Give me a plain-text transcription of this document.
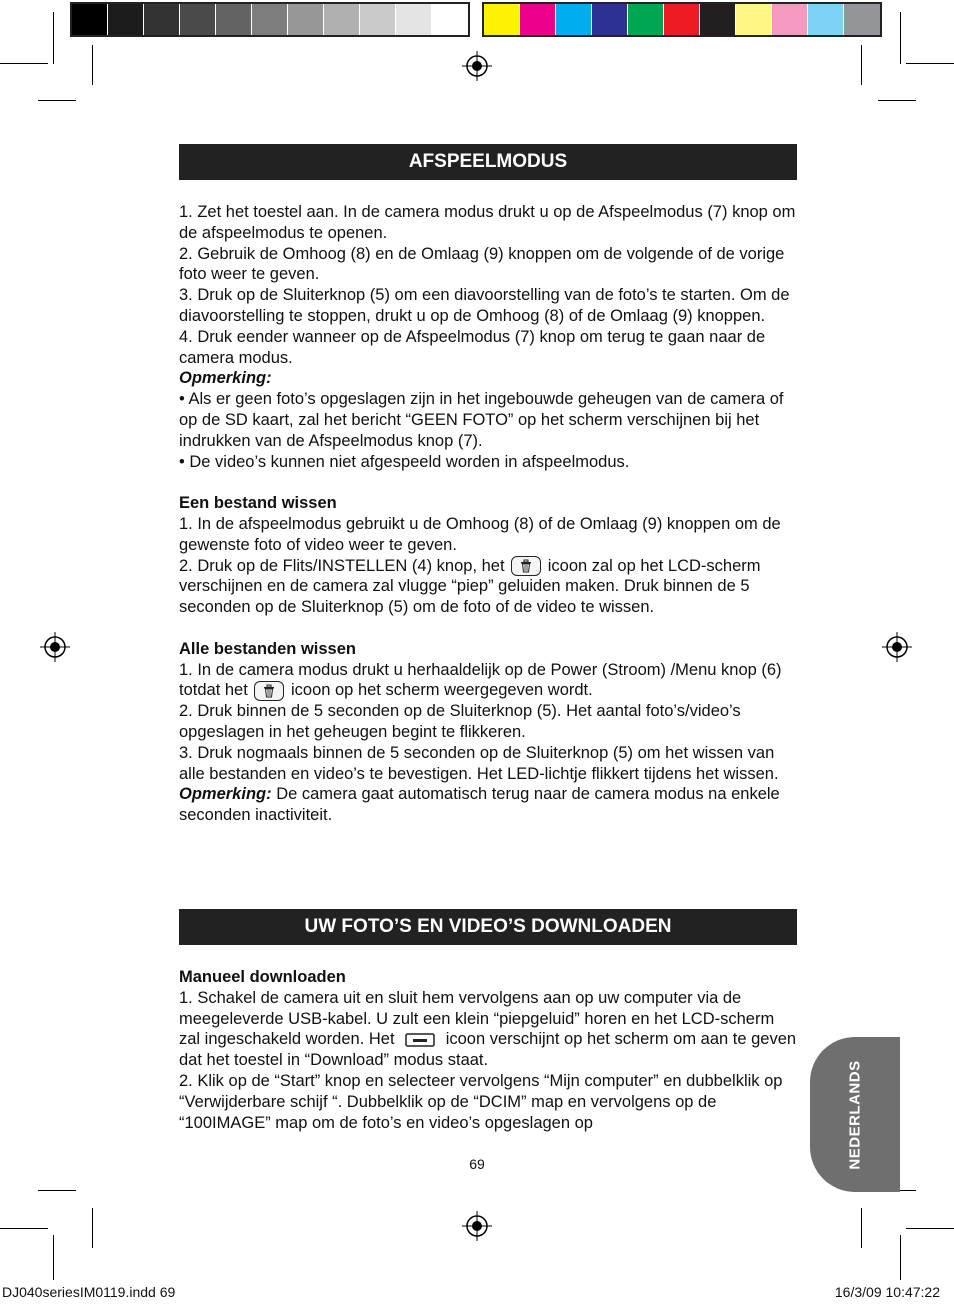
AFSPEELMODUS

1. Zet het toestel aan. In de camera modus drukt u op de Afspeelmodus (7) knop om de afspeelmodus te openen.

2. Gebruik de Omhoog (8) en de Omlaag (9) knoppen om de volgende of de vorige foto weer te geven.

3. Druk op de Sluiterknop (5) om een diavoorstelling van de foto’s te starten. Om de diavoorstelling te stoppen, drukt u op de Omhoog (8) of de Omlaag (9) knoppen.

4. Druk eender wanneer op de Afspeelmodus (7) knop om terug te gaan naar de camera modus.

Opmerking:

• Als er geen foto’s opgeslagen zijn in het ingebouwde geheugen van de camera of op de SD kaart, zal het bericht “GEEN FOTO” op het scherm verschijnen bij het indrukken van de Afspeelmodus knop (7).

• De video’s kunnen niet afgespeeld worden in afspeelmodus.

Een bestand wissen

1. In de afspeelmodus gebruikt u de Omhoog (8) of de Omlaag (9) knoppen om de gewenste foto of video weer te geven.

2. Druk op de Flits/INSTELLEN (4) knop, het
icoon zal op het LCD-scherm verschijnen en de camera zal vlugge “piep” geluiden maken. Druk binnen de 5 seconden op de Sluiterknop (5) om de foto of de video te wissen.

Alle bestanden wissen

1. In de camera modus drukt u herhaaldelijk op de Power (Stroom) /Menu knop (6) totdat het
icoon op het scherm weergegeven wordt.

2. Druk binnen de 5 seconden op de Sluiterknop (5). Het aantal foto’s/video’s opgeslagen in het geheugen begint te flikkeren.

3. Druk nogmaals binnen de 5 seconden op de Sluiterknop (5) om het wissen van alle bestanden en video’s te bevestigen. Het LED-lichtje flikkert tijdens het wissen.

Opmerking: De camera gaat automatisch terug naar de camera modus na enkele seconden inactiviteit.

UW FOTO’S EN VIDEO’S DOWNLOADEN

Manueel downloaden

1. Schakel de camera uit en sluit hem vervolgens aan op uw computer via de meegeleverde USB-kabel. U zult een klein “piepgeluid” horen en het LCD-scherm zal ingeschakeld worden. Het	icoon verschijnt op het scherm om aan te geven dat het toestel in “Download” modus staat.

2. Klik op de “Start” knop en selecteer vervolgens “Mijn computer” en dubbelklik op “Verwijderbare schijf “. Dubbelklik op de “DCIM” map en vervolgens op de “100IMAGE” map om de foto’s en video’s opgeslagen op	NEDERLANDS
69
DJ040seriesIM0119.indd 69	16/3/09 10:47:22
